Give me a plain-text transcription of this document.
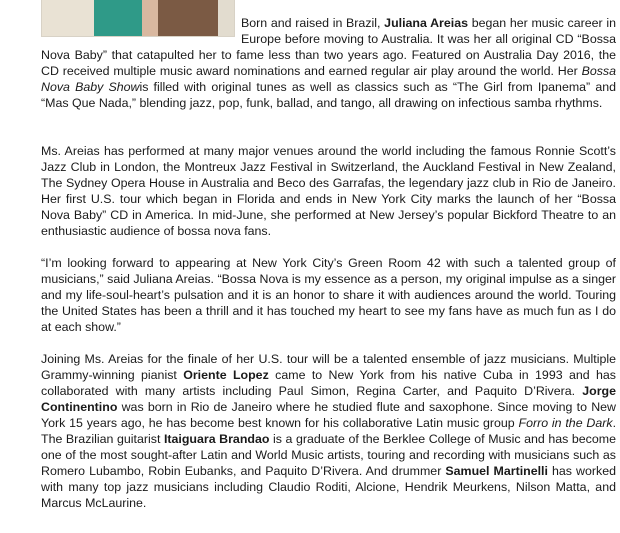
Born and raised in Brazil, Juliana Areias began her music career in Europe before moving to Australia. It was her all original CD “Bossa Nova Baby” that catapulted her to fame less than two years ago. Featured on Australia Day 2016, the CD received multiple music award nominations and earned regular air play around the world. Her Bossa Nova Baby Showis filled with original tunes as well as classics such as “The Girl from Ipanema” and “Mas Que Nada,” blending jazz, pop, funk, ballad, and tango, all drawing on infectious samba rhythms.

Ms. Areias has performed at many major venues around the world including the famous Ronnie Scott’s Jazz Club in London, the Montreux Jazz Festival in Switzerland, the Auckland Festival in New Zealand, The Sydney Opera House in Australia and Beco des Garrafas, the legendary jazz club in Rio de Janeiro. Her first U.S. tour which began in Florida and ends in New York City marks the launch of her “Bossa Nova Baby” CD in America. In mid-June, she performed at New Jersey’s popular Bickford Theatre to an enthusiastic audience of bossa nova fans.

“I’m looking forward to appearing at New York City’s Green Room 42 with such a talented group of musicians,” said Juliana Areias. “Bossa Nova is my essence as a person, my original impulse as a singer and my life-soul-heart’s pulsation and it is an honor to share it with audiences around the world. Touring the United States has been a thrill and it has touched my heart to see my fans have as much fun as I do at each show.”

Joining Ms. Areias for the finale of her U.S. tour will be a talented ensemble of jazz musicians. Multiple Grammy-winning pianist Oriente Lopez came to New York from his native Cuba in 1993 and has collaborated with many artists including Paul Simon, Regina Carter, and Paquito D’Rivera. Jorge Continentino was born in Rio de Janeiro where he studied flute and saxophone. Since moving to New York 15 years ago, he has become best known for his collaborative Latin music group Forro in the Dark. The Brazilian guitarist Itaiguara Brandao is a graduate of the Berklee College of Music and has become one of the most sought-after Latin and World Music artists, touring and recording with musicians such as Romero Lubambo, Robin Eubanks, and Paquito D’Rivera. And drummer Samuel Martinelli has worked with many top jazz musicians including Claudio Roditi, Alcione, Hendrik Meurkens, Nilson Matta, and Marcus McLaurine.
